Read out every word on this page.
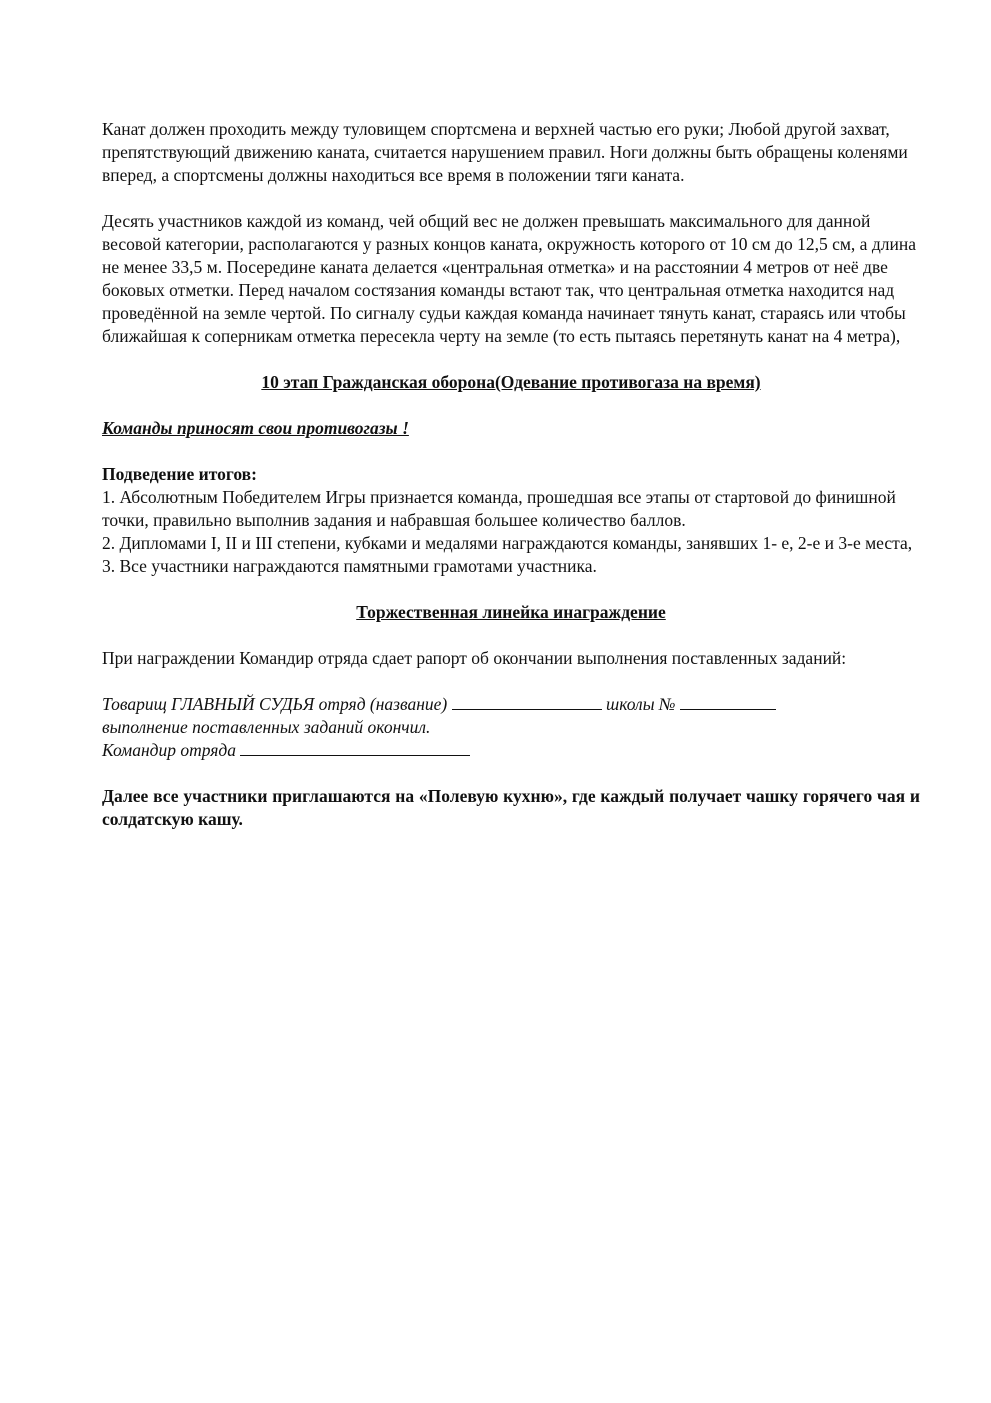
Канат должен проходить между туловищем спортсмена и верхней частью его руки; Любой другой захват, препятствующий движению каната, считается нарушением правил. Ноги должны быть обращены коленями вперед, а спортсмены должны находиться все время в положении тяги каната.

Десять участников каждой из команд, чей общий вес не должен превышать максимального для данной весовой категории, располагаются у разных концов каната, окружность которого от 10 см до 12,5 см, а длина не менее 33,5 м. Посередине каната делается «центральная отметка» и на расстоянии 4 метров от неё две боковых отметки. Перед началом состязания команды встают так, что центральная отметка находится над проведённой на земле чертой. По сигналу судьи каждая команда начинает тянуть канат, стараясь или чтобы ближайшая к соперникам отметка пересекла черту на земле (то есть пытаясь перетянуть канат на 4 метра),

10 этап Гражданская оборона(Одевание противогаза на время)

Команды приносят свои противогазы !

Подведение итогов:

1. Абсолютным Победителем Игры признается команда, прошедшая все этапы от стартовой до финишной точки, правильно выполнив задания и набравшая большее количество баллов.

2. Дипломами I, II и III степени, кубками и медалями награждаются команды, занявших 1- е, 2-е и 3-е места,

3. Все участники награждаются памятными грамотами участника.

Торжественная линейка инаграждение

При награждении Командир отряда сдает рапорт об окончании выполнения поставленных заданий:

Товарищ ГЛАВНЫЙ СУДЬЯ отряд (название)	школы №
выполнение поставленных заданий окончил.
Командир отряда

Далее все участники приглашаются на «Полевую кухню», где каждый получает чашку горячего чая и солдатскую кашу.
